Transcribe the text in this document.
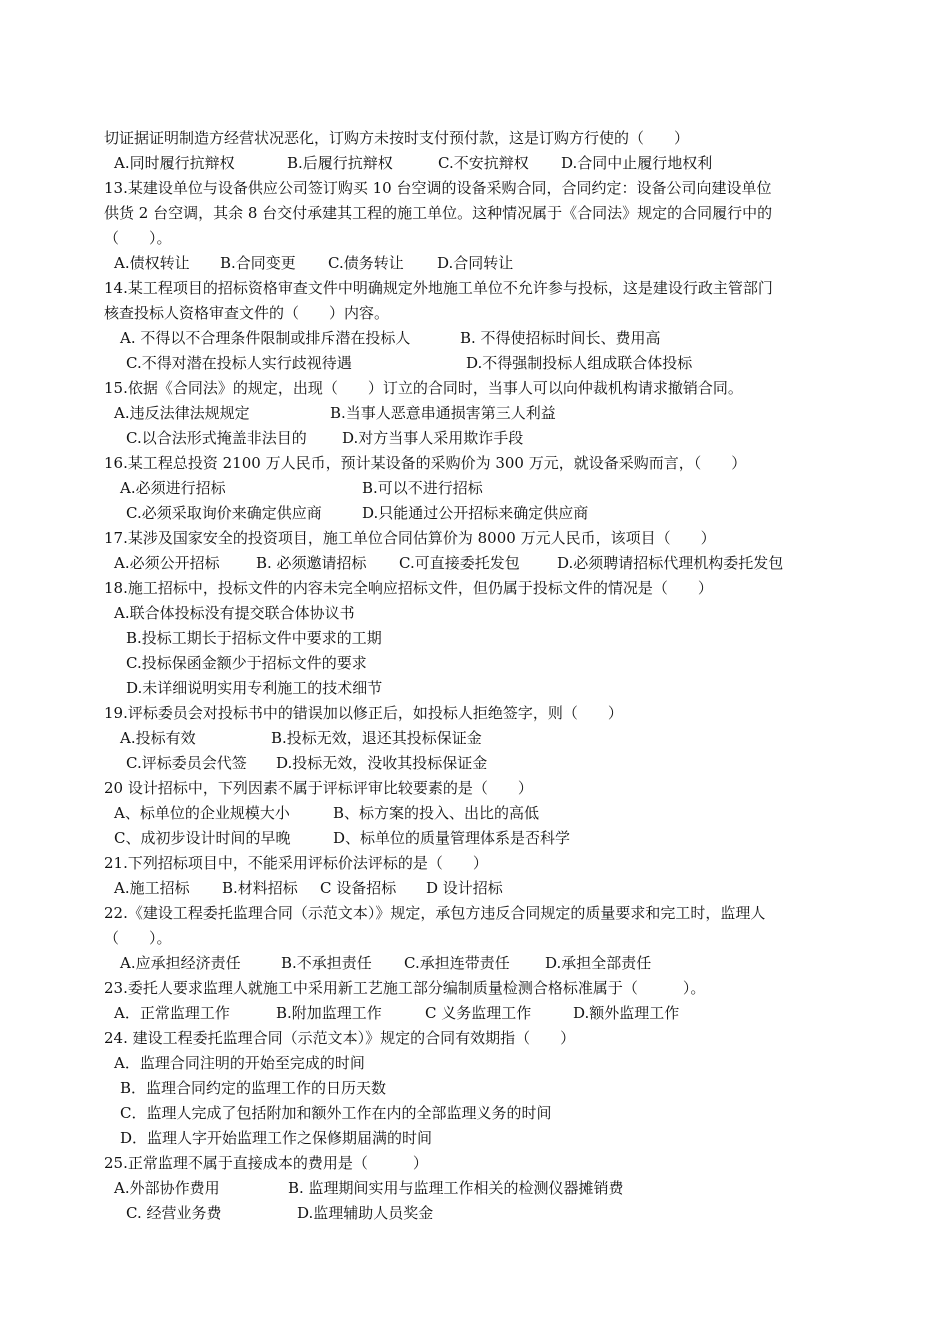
切证据证明制造方经营状况恶化，订购方未按时支付预付款，这是订购方行使的（　　）
A.同时履行抗辩权	B.后履行抗辩权	C.不安抗辩权 D.合同中止履行地权利
13.某建设单位与设备供应公司签订购买 10 台空调的设备采购合同，合同约定：设备公司向建设单位
供货 2 台空调，其余 8 台交付承建其工程的施工单位。这种情况属于《合同法》规定的合同履行中的
（　　）。
A.债权转让 B.合同变更 C.债务转让 D.合同转让
14.某工程项目的招标资格审查文件中明确规定外地施工单位不允许参与投标，这是建设行政主管部门
核查投标人资格审查文件的（　　）内容。
A. 不得以不合理条件限制或排斥潜在投标人	B. 不得使招标时间长、费用高
C.不得对潜在投标人实行歧视待遇	D.不得强制投标人组成联合体投标
15.依据《合同法》的规定，出现（　　）订立的合同时，当事人可以向仲裁机构请求撤销合同。
A.违反法律法规规定	B.当事人恶意串通损害第三人利益
C.以合法形式掩盖非法目的 D.对方当事人采用欺诈手段
16.某工程总投资 2100 万人民币，预计某设备的采购价为 300 万元，就设备采购而言，（　　）
A.必须进行招标	B.可以不进行招标
C.必须采取询价来确定供应商	D.只能通过公开招标来确定供应商
17.某涉及国家安全的投资项目，施工单位合同估算价为 8000 万元人民币，该项目（　　）
A.必须公开招标 B. 必须邀请招标 C.可直接委托发包 D.必须聘请招标代理机构委托发包
18.施工招标中，投标文件的内容未完全响应招标文件，但仍属于投标文件的情况是（　　）
A.联合体投标没有提交联合体协议书
B.投标工期长于招标文件中要求的工期
C.投标保函金额少于招标文件的要求
D.未详细说明实用专利施工的技术细节
19.评标委员会对投标书中的错误加以修正后，如投标人拒绝签字，则（　　）
A.投标有效	B.投标无效，退还其投标保证金
C.评标委员会代签 D.投标无效，没收其投标保证金
20 设计招标中，下列因素不属于评标评审比较要素的是（　　）
A、标单位的企业规模大小	B、标方案的投入、出比的高低
C、成初步设计时间的早晚	D、标单位的质量管理体系是否科学
21.下列招标项目中，不能采用评标价法评标的是（　　）
A.施工招标 B.材料招标 C 设备招标 D 设计招标
22.《建设工程委托监理合同（示范文本）》规定，承包方违反合同规定的质量要求和完工时，监理人
（　　）。
A.应承担经济责任	B.不承担责任 C.承担连带责任 D.承担全部责任
23.委托人要求监理人就施工中采用新工艺施工部分编制质量检测合格标准属于（　　　）。
A．正常监理工作	B.附加监理工作	C 义务监理工作	D.额外监理工作
24. 建设工程委托监理合同（示范文本）》规定的合同有效期指（　　）
A．监理合同注明的开始至完成的时间
B．监理合同约定的监理工作的日历天数
C．监理人完成了包括附加和额外工作在内的全部监理义务的时间
D．监理人字开始监理工作之保修期届满的时间
25.正常监理不属于直接成本的费用是（　　　）
A.外部协作费用	B. 监理期间实用与监理工作相关的检测仪器摊销费
C. 经营业务费	D.监理辅助人员奖金
